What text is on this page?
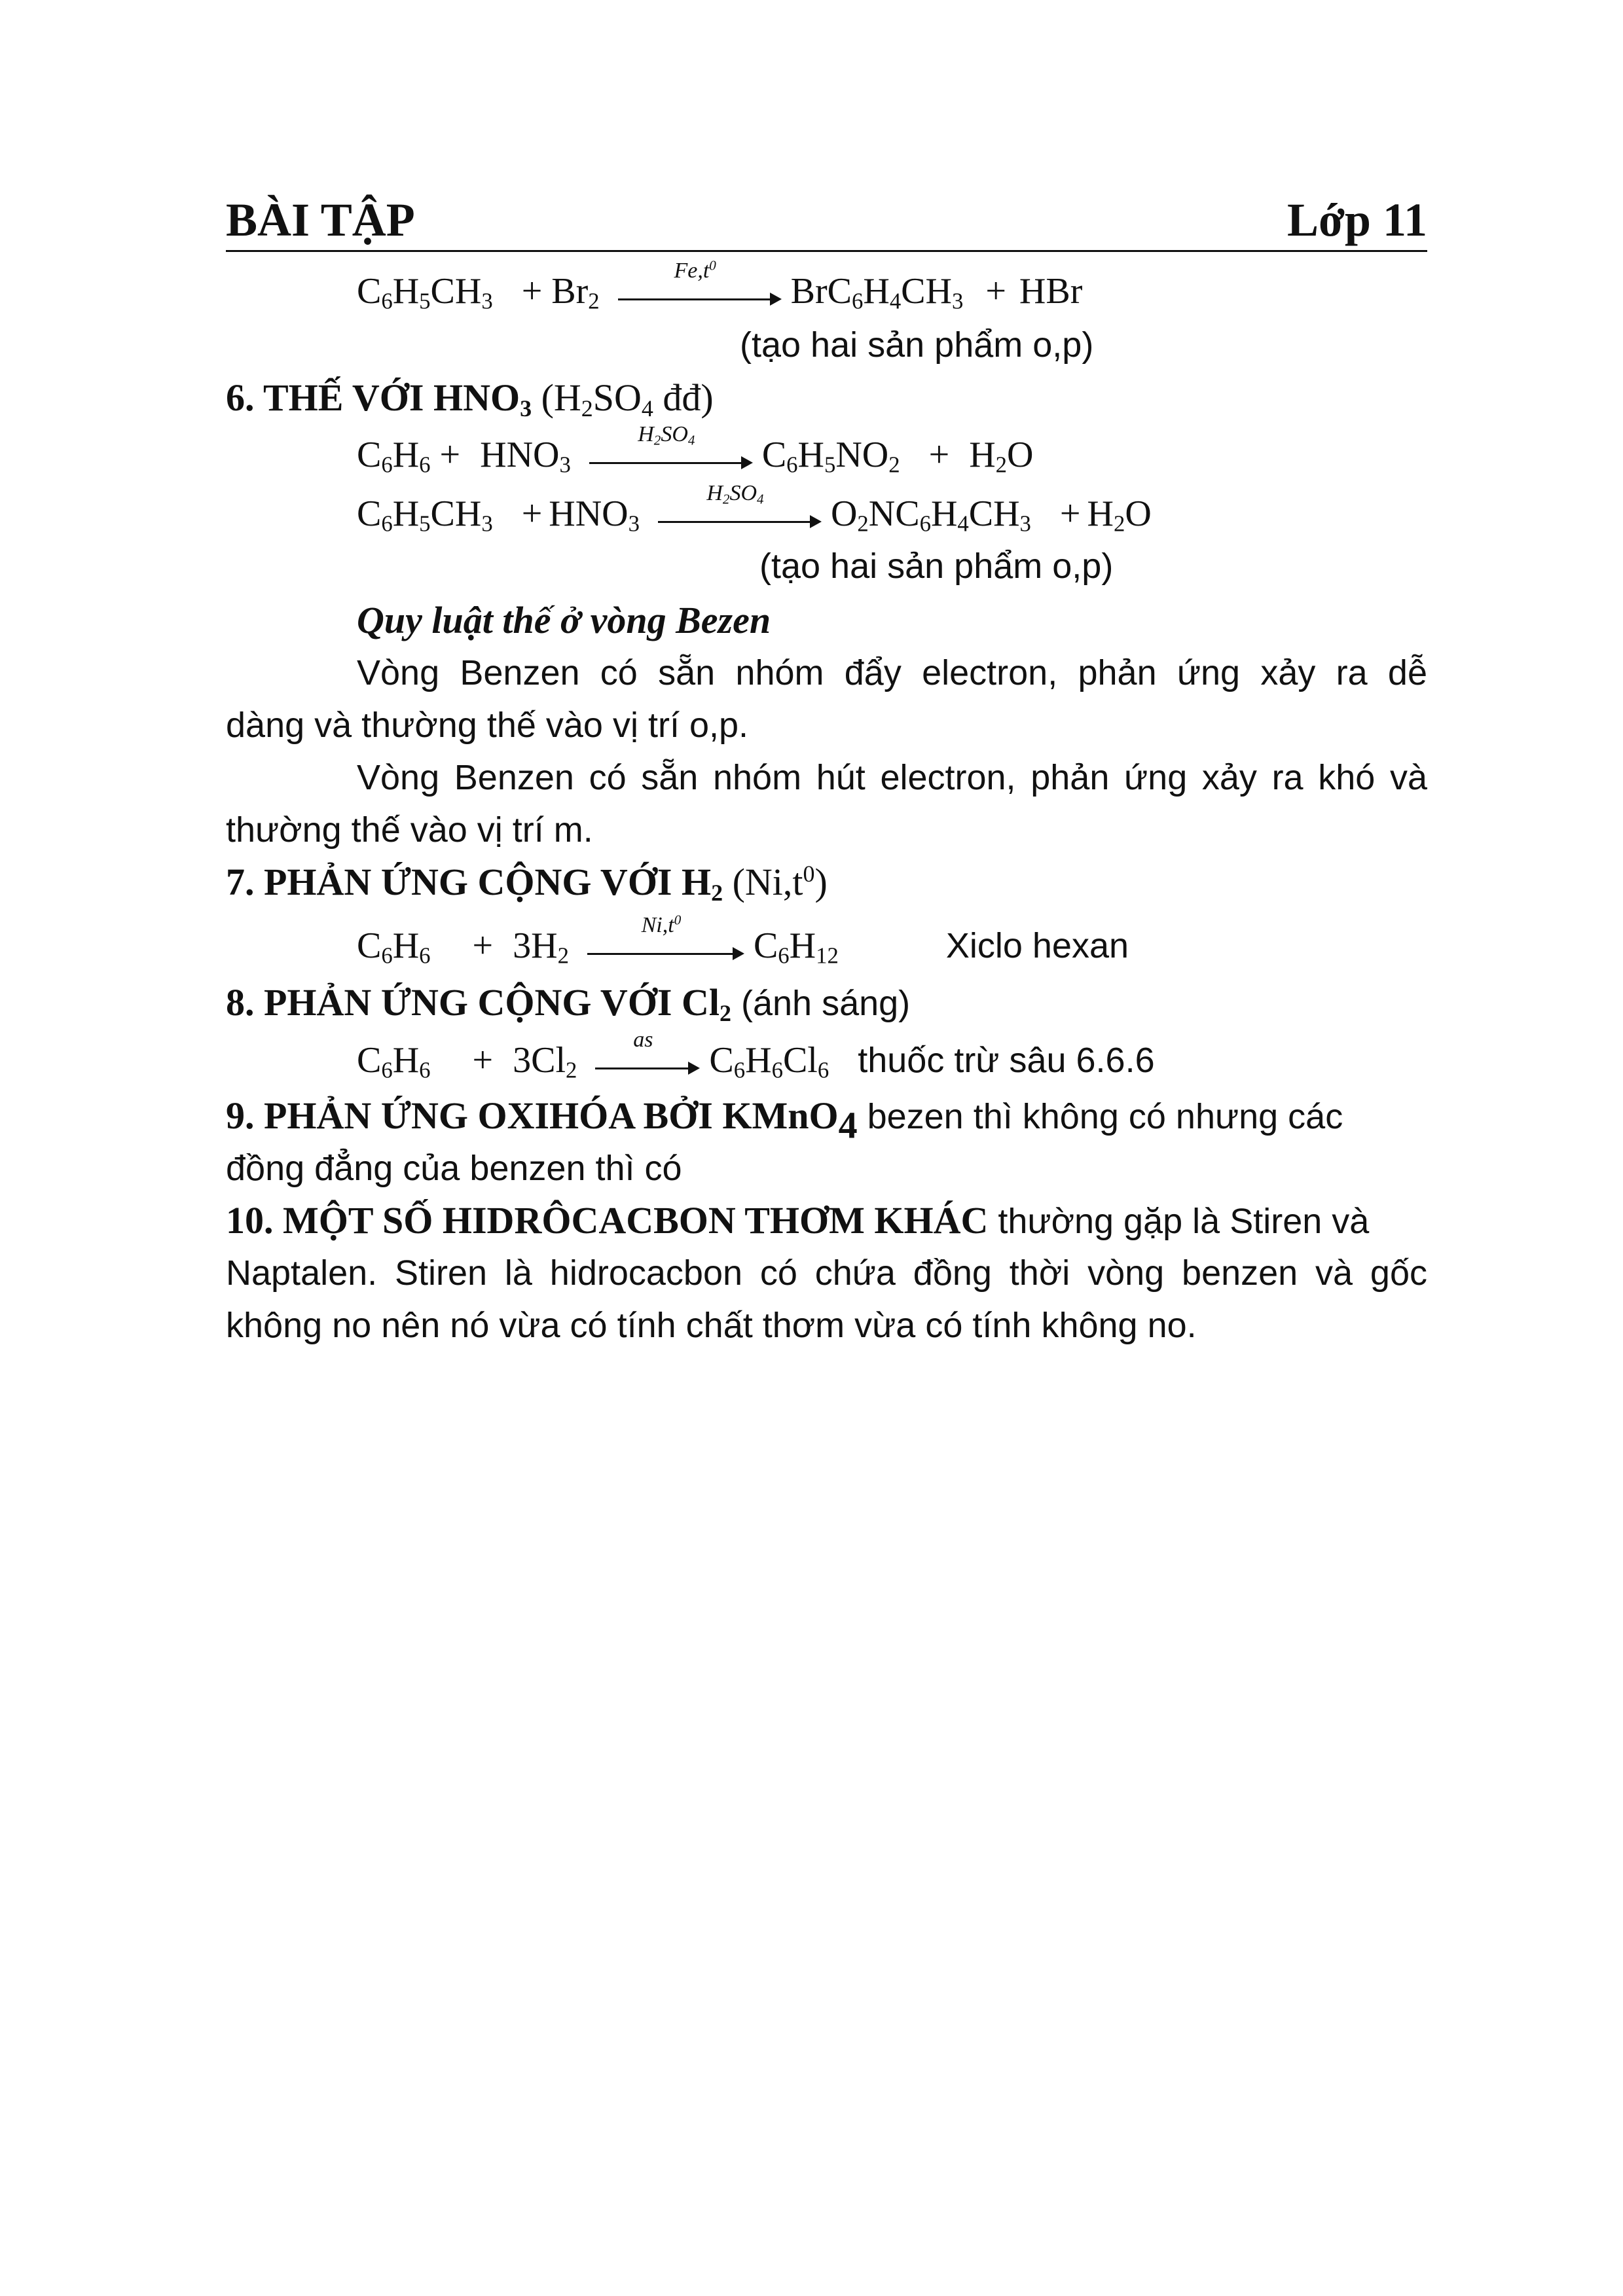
BÀI TẬP	Lớp 11
$C_6H_5CH_3 + Br_2$
$Fe,t^0$
$BrC_6H_4CH_3$ + HBr
(tạo hai sản phẩm o,p)
6. THẾ VỚI $HNO_3$ ($H_2SO_4$ đđ)
$C_6H_6 + HNO_3$
$H_2SO_4$	$C_6H_5NO_2 + H_2O$
$C_6H_5CH_3 + HNO_3$
$H_2SO_4$	$O_2NC_6H_4CH_3 + H_2O$
(tạo hai sản phẩm o,p)
Quy luật thế ở vòng Bezen
Vòng Benzen có sẵn nhóm đẩy electron, phản ứng xảy ra dễ
dàng và thường thế vào vị trí o,p.
Vòng Benzen có sẵn nhóm hút electron, phản ứng xảy ra khó và
thường thế vào vị trí m.
7. PHẢN ỨNG CỘNG VỚI $H_2$ $(Ni,t^0)$
$C_6H_6 + 3H_2$
$Ni,t^0$
$C_6H_{12}$	Xiclo hexan
8. PHẢN ỨNG CỘNG VỚI $Cl_2$ (ánh sáng)
$C_6H_6 + 3Cl_2$
as
$C_6H_6Cl_6$ thuốc trừ sâu 6.6.6
9. PHẢN ỨNG OXIHÓA BỞI KMnO$_4$ bezen thì không có nhưng các
đồng đẳng của benzen thì có
10. MỘT SỐ HIDRÔCACBON THƠM KHÁC thường gặp là Stiren và
Naptalen. Stiren là hidrocacbon có chứa đồng thời vòng benzen và gốc
không no nên nó vừa có tính chất thơm vừa có tính không no.
